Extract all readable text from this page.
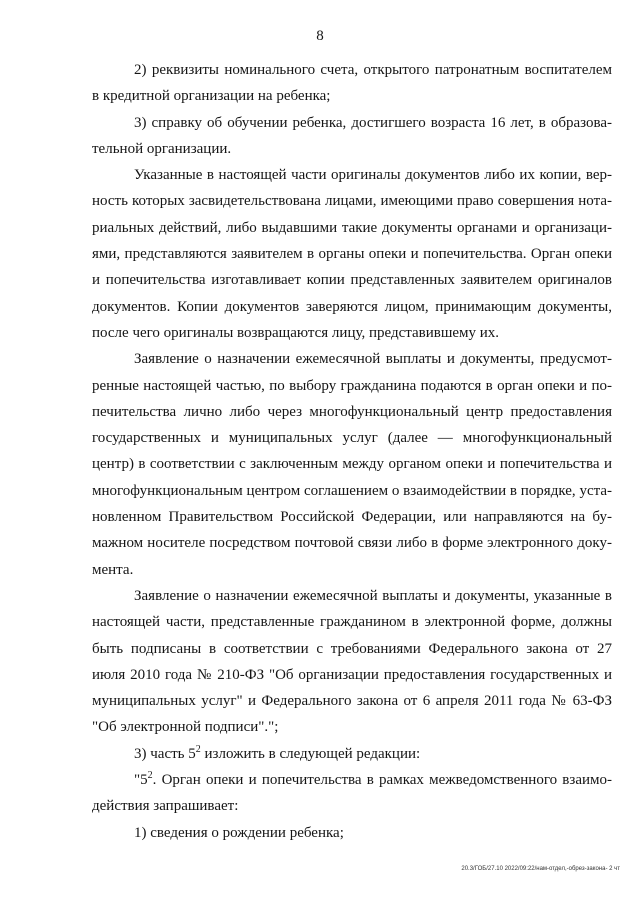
8

2) реквизиты номинального счета, открытого патронатным воспитателем в кредитной организации на ребенка;

3) справку об обучении ребенка, достигшего возраста 16 лет, в образовательной организации.

Указанные в настоящей части оригиналы документов либо их копии, верность которых засвидетельствована лицами, имеющими право совершения нотариальных действий, либо выдавшими такие документы органами и организациями, представляются заявителем в органы опеки и попечительства. Орган опеки и попечительства изготавливает копии представленных заявителем оригиналов документов. Копии документов заверяются лицом, принимающим документы, после чего оригиналы возвращаются лицу, представившему их.

Заявление о назначении ежемесячной выплаты и документы, предусмотренные настоящей частью, по выбору гражданина подаются в орган опеки и попечительства лично либо через многофункциональный центр предоставления государственных и муниципальных услуг (далее — многофункциональный центр) в соответствии с заключенным между органом опеки и попечительства и многофункциональным центром соглашением о взаимодействии в порядке, установленном Правительством Российской Федерации, или направляются на бумажном носителе посредством почтовой связи либо в форме электронного документа.

Заявление о назначении ежемесячной выплаты и документы, указанные в настоящей части, представленные гражданином в электронной форме, должны быть подписаны в соответствии с требованиями Федерального закона от 27 июля 2010 года № 210-ФЗ "Об организации предоставления государственных и муниципальных услуг" и Федерального закона от 6 апреля 2011 года № 63-ФЗ "Об электронной подписи".";

3) часть $5^2$ изложить в следующей редакции:

"$5^2$. Орган опеки и попечительства в рамках межведомственного взаимодействия запрашивает:

1) сведения о рождении ребенка;

20.3/ГОБ/27.10 2022/09:22/нам-отдел,-обрез-закона- 2 чт
